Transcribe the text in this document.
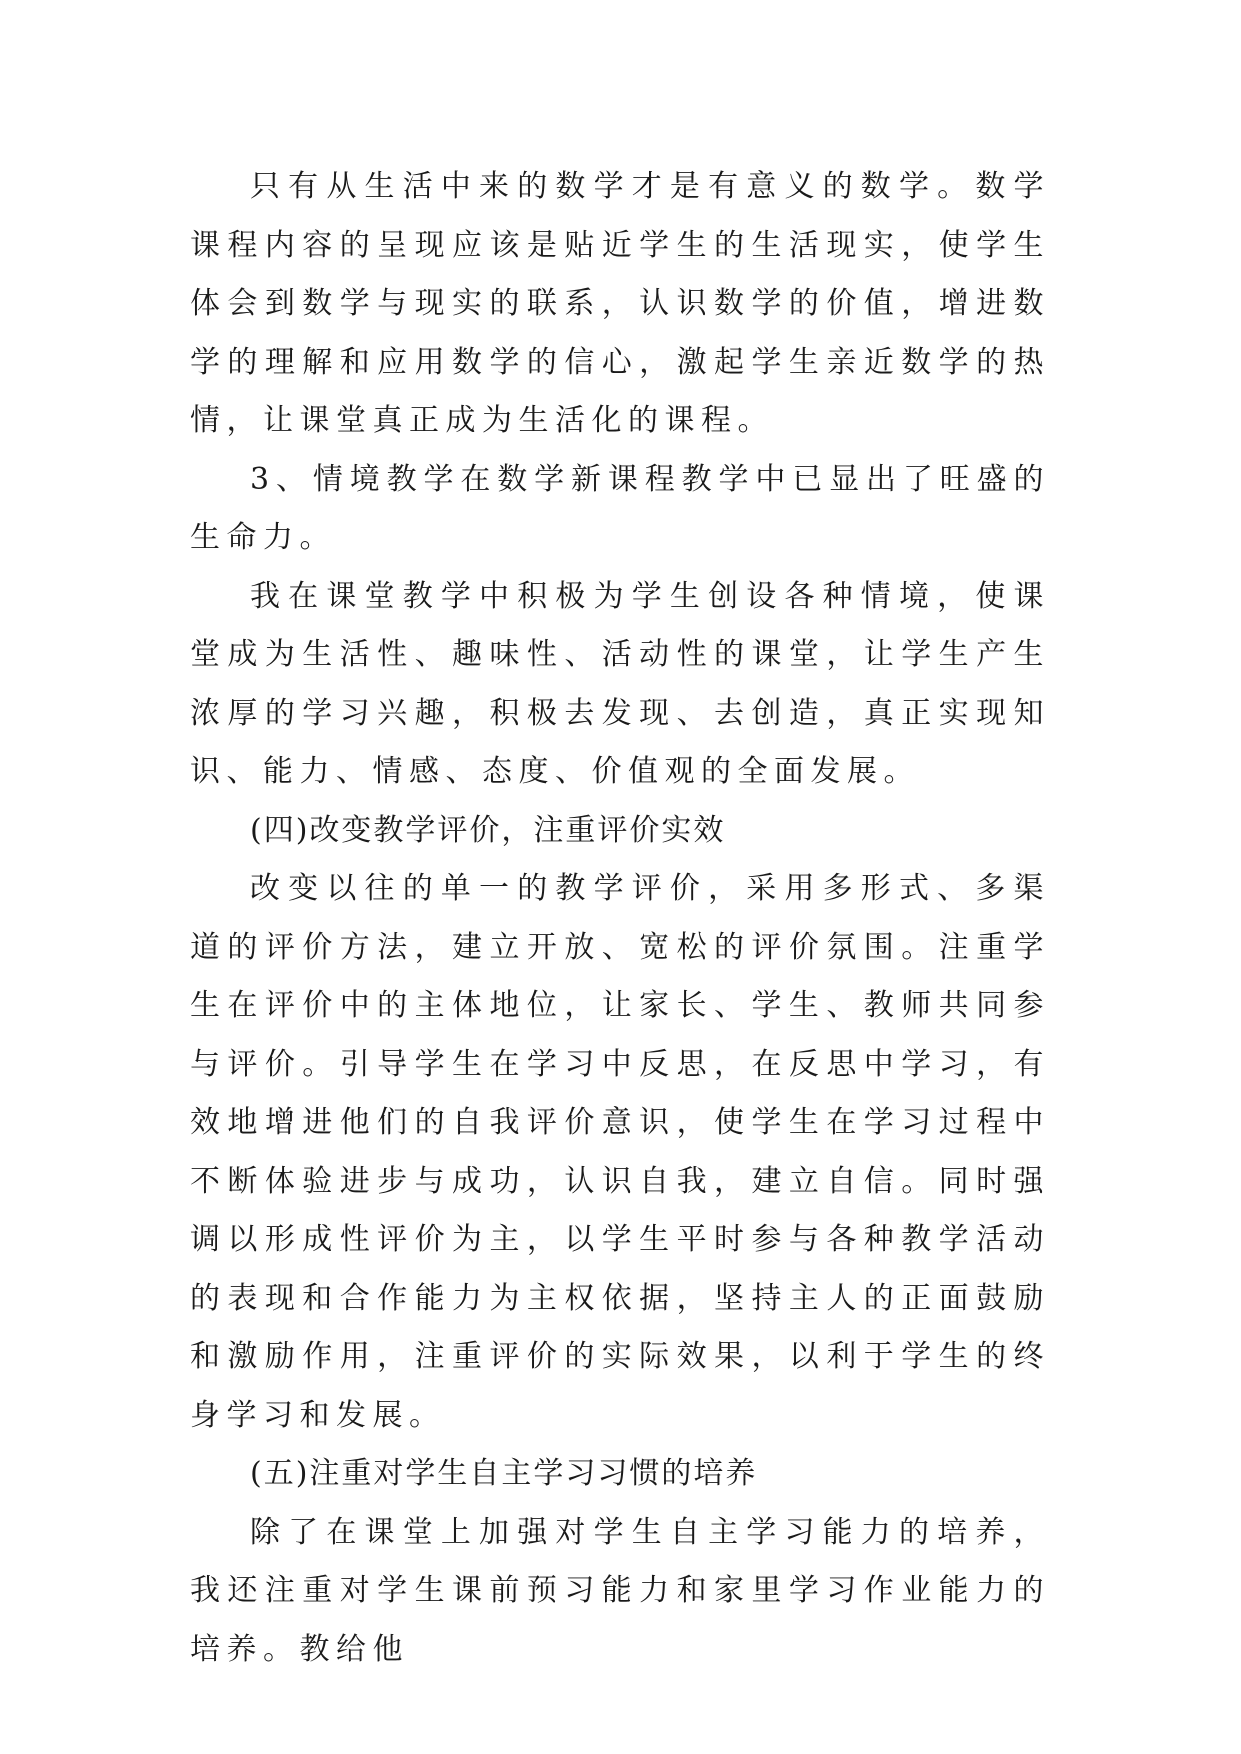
只有从生活中来的数学才是有意义的数学。数学课程内容的呈现应该是贴近学生的生活现实，使学生体会到数学与现实的联系，认识数学的价值，增进数学的理解和应用数学的信心，激起学生亲近数学的热情，让课堂真正成为生活化的课程。

3、情境教学在数学新课程教学中已显出了旺盛的生命力。

我在课堂教学中积极为学生创设各种情境，使课堂成为生活性、趣味性、活动性的课堂，让学生产生浓厚的学习兴趣，积极去发现、去创造，真正实现知识、能力、情感、态度、价值观的全面发展。

(四)改变教学评价，注重评价实效

改变以往的单一的教学评价，采用多形式、多渠道的评价方法，建立开放、宽松的评价氛围。注重学生在评价中的主体地位，让家长、学生、教师共同参与评价。引导学生在学习中反思，在反思中学习，有效地增进他们的自我评价意识，使学生在学习过程中不断体验进步与成功，认识自我，建立自信。同时强调以形成性评价为主，以学生平时参与各种教学活动的表现和合作能力为主权依据，坚持主人的正面鼓励和激励作用，注重评价的实际效果，以利于学生的终身学习和发展。

(五)注重对学生自主学习习惯的培养

除了在课堂上加强对学生自主学习能力的培养，我还注重对学生课前预习能力和家里学习作业能力的培养。教给他
